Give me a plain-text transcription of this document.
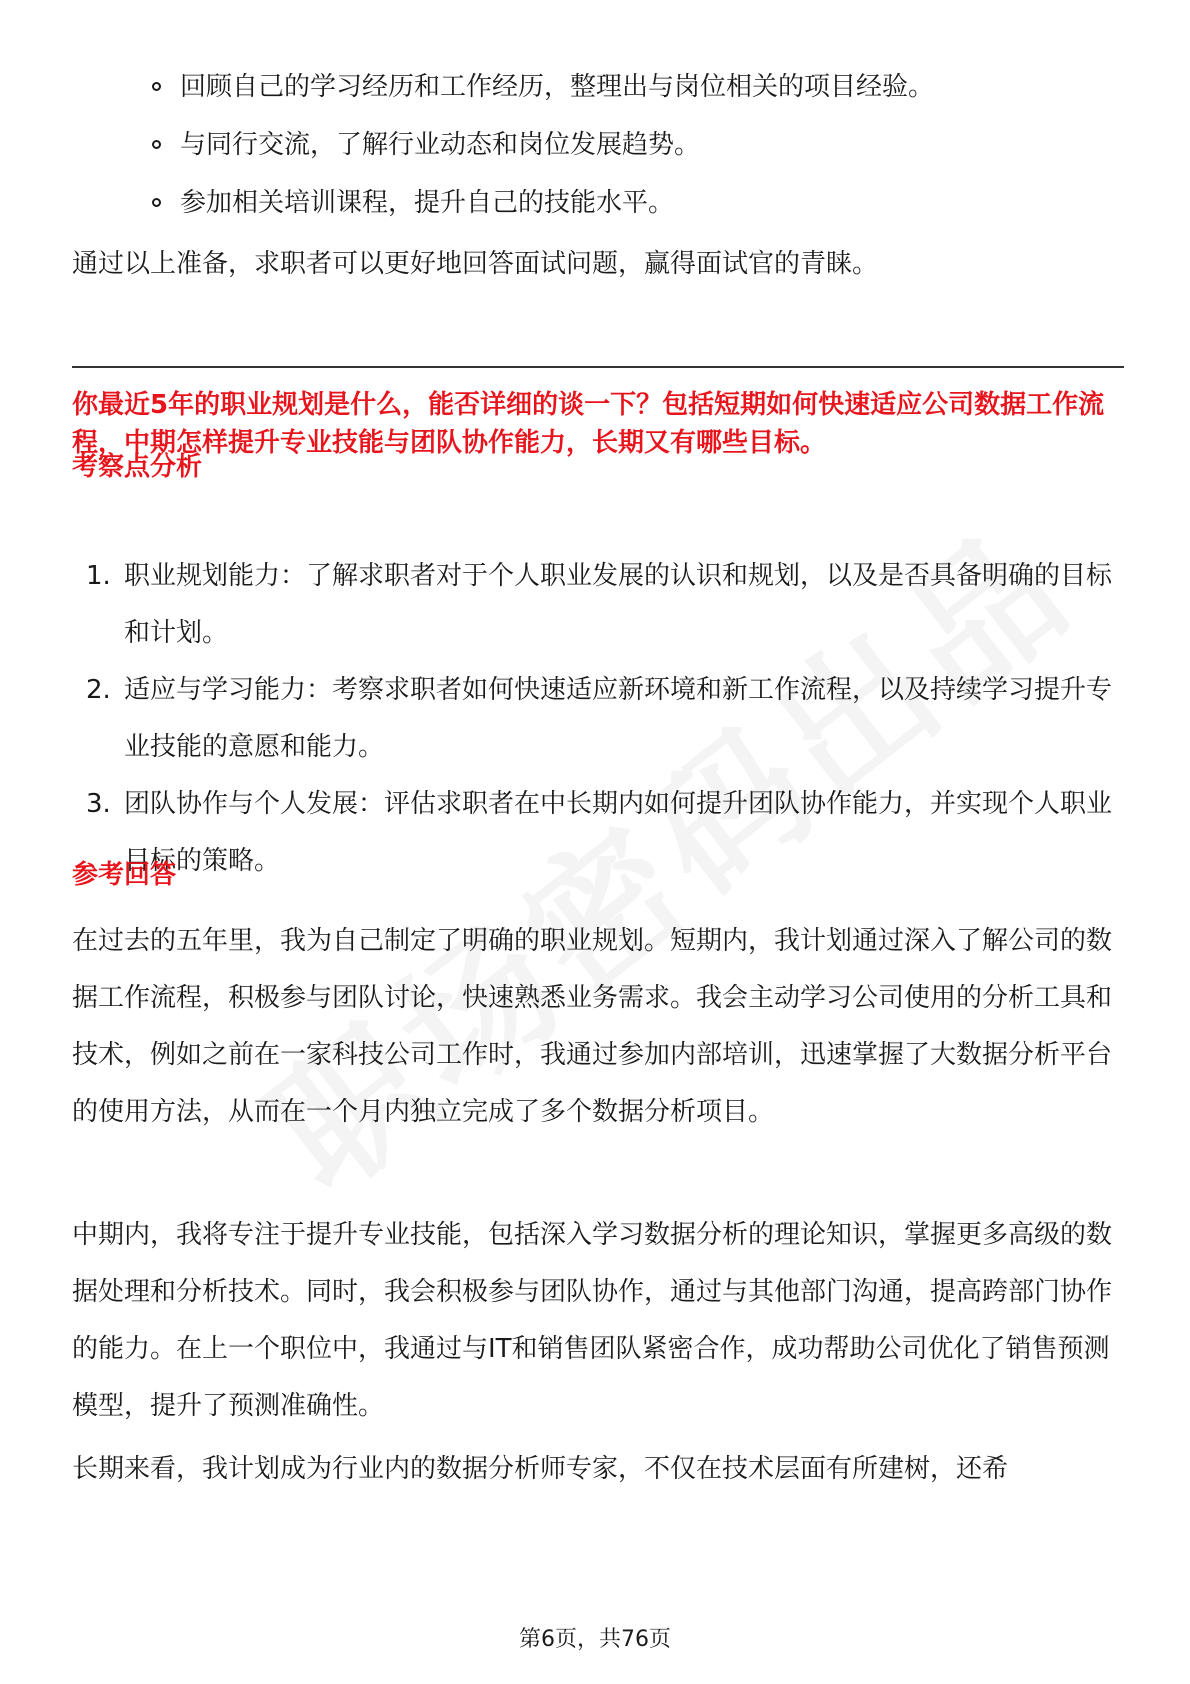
回顾自己的学习经历和工作经历，整理出与岗位相关的项目经验。
与同行交流，了解行业动态和岗位发展趋势。
参加相关培训课程，提升自己的技能水平。

通过以上准备，求职者可以更好地回答面试问题，赢得面试官的青睐。

你最近5年的职业规划是什么，能否详细的谈一下？包括短期如何快速适应公司数据工作流程，中期怎样提升专业技能与团队协作能力，长期又有哪些目标。

考察点分析
1. 职业规划能力：了解求职者对于个人职业发展的认识和规划，以及是否具备明确的目标和计划。
2. 适应与学习能力：考察求职者如何快速适应新环境和新工作流程，以及持续学习提升专业技能的意愿和能力。
3. 团队协作与个人发展：评估求职者在中长期内如何提升团队协作能力，并实现个人职业目标的策略。
参考回答

在过去的五年里，我为自己制定了明确的职业规划。短期内，我计划通过深入了解公司的数据工作流程，积极参与团队讨论，快速熟悉业务需求。我会主动学习公司使用的分析工具和技术，例如之前在一家科技公司工作时，我通过参加内部培训，迅速掌握了大数据分析平台的使用方法，从而在一个月内独立完成了多个数据分析项目。

中期内，我将专注于提升专业技能，包括深入学习数据分析的理论知识，掌握更多高级的数据处理和分析技术。同时，我会积极参与团队协作，通过与其他部门沟通，提高跨部门协作的能力。在上一个职位中，我通过与IT和销售团队紧密合作，成功帮助公司优化了销售预测模型，提升了预测准确性。

长期来看，我计划成为行业内的数据分析师专家，不仅在技术层面有所建树，还希

第6页，共76页
